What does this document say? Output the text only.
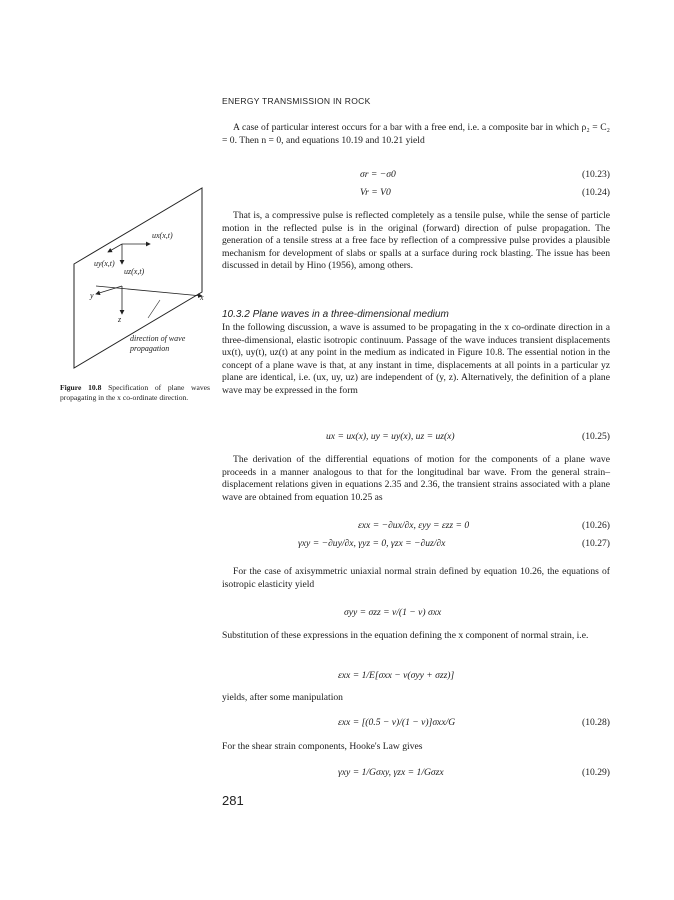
ENERGY TRANSMISSION IN ROCK

A case of particular interest occurs for a bar with a free end, i.e. a composite bar in which ρ₂ = C₂ = 0. Then n = 0, and equations 10.19 and 10.21 yield

σr = −σ0	(10.23)
Vr = V0	(10.24)

That is, a compressive pulse is reflected completely as a tensile pulse, while the sense of particle motion in the reflected pulse is in the original (forward) direction of pulse propagation. The generation of a tensile stress at a free face by reflection of a compressive pulse provides a plausible mechanism for development of slabs or spalls at a surface during rock blasting. The issue has been discussed in detail by Hino (1956), among others.

10.3.2 Plane waves in a three-dimensional medium

In the following discussion, a wave is assumed to be propagating in the x co-ordinate direction in a three-dimensional, elastic isotropic continuum. Passage of the wave induces transient displacements ux(t), uy(t), uz(t) at any point in the medium as indicated in Figure 10.8. The essential notion in the concept of a plane wave is that, at any instant in time, displacements at all points in a particular yz plane are identical, i.e. (ux, uy, uz) are independent of (y, z). Alternatively, the definition of a plane wave may be expressed in the form

ux = ux(x), uy = uy(x), uz = uz(x)	(10.25)

The derivation of the differential equations of motion for the components of a plane wave proceeds in a manner analogous to that for the longitudinal bar wave. From the general strain–displacement relations given in equations 2.35 and 2.36, the transient strains associated with a plane wave are obtained from equation 10.25 as

εxx = −∂ux/∂x, εyy = εzz = 0	(10.26)
γxy = −∂uy/∂x, γyz = 0, γzx = −∂uz/∂x	(10.27)

For the case of axisymmetric uniaxial normal strain defined by equation 10.26, the equations of isotropic elasticity yield

σyy = σzz = ν/(1 − ν) σxx

Substitution of these expressions in the equation defining the x component of normal strain, i.e.

εxx = 1/E[σxx − ν(σyy + σzz)]

yields, after some manipulation

εxx = [(0.5 − ν)/(1 − ν)]σxx/G	(10.28)

For the shear strain components, Hooke's Law gives

γxy = 1/Gσxy, γzx = 1/Gσzx	(10.29)
ux(x,t)
uy(x,t)
uz(x,t)
y
z
x
direction of wave
propagation
Figure 10.8 Specification of plane waves propagating in the x co-ordinate direction.
281
